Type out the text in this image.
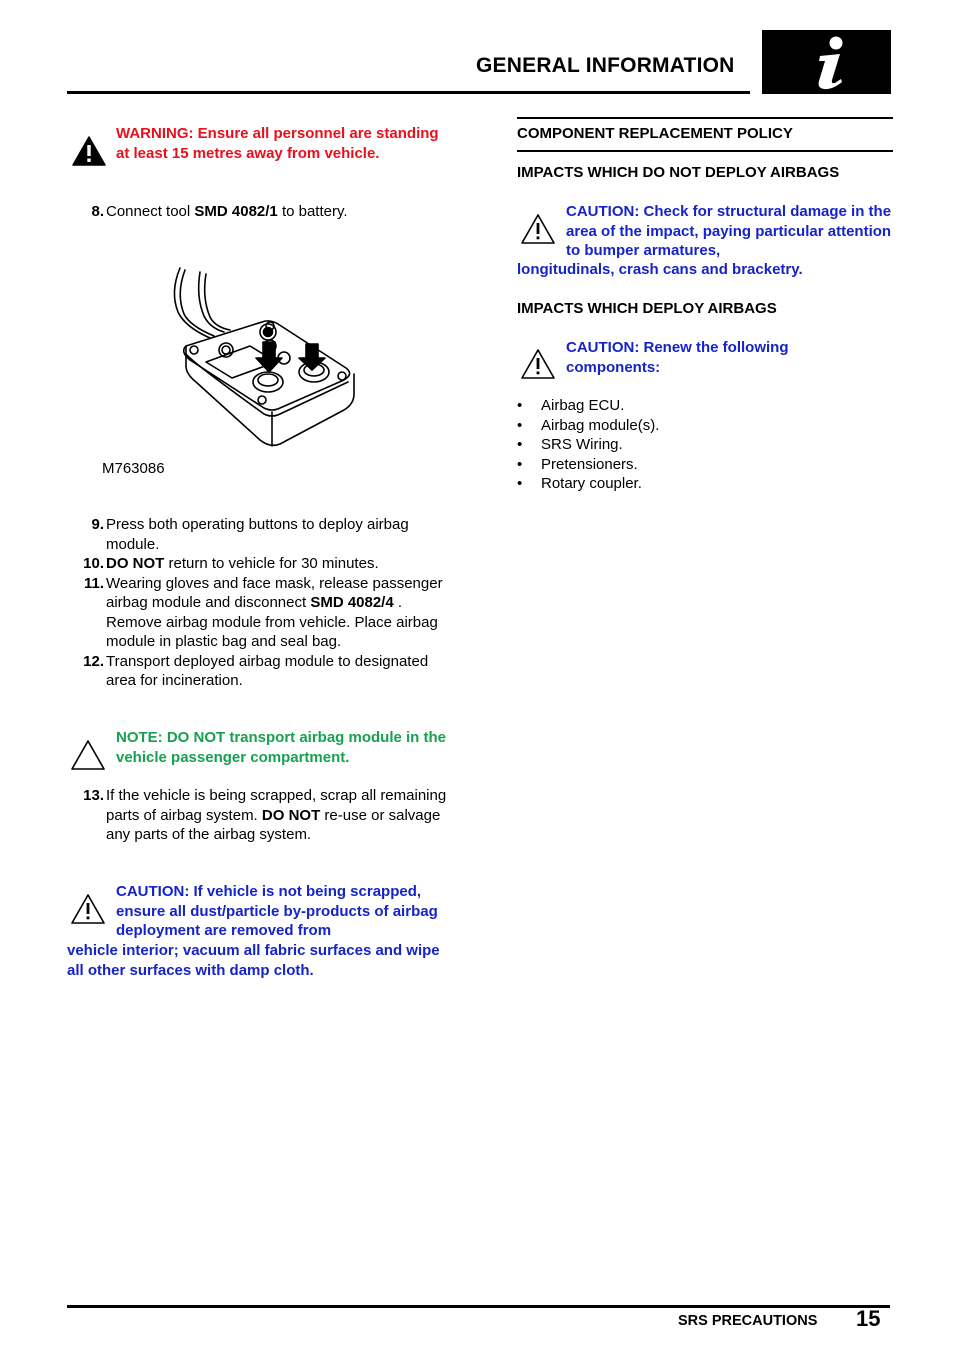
GENERAL INFORMATION
WARNING: Ensure all personnel are standing at least 15 metres away from vehicle.
8. Connect tool SMD 4082/1 to battery.
M763086
9. Press both operating buttons to deploy airbag module.
10. DO NOT return to vehicle for 30 minutes.
11. Wearing gloves and face mask, release passenger airbag module and disconnect SMD 4082/4 . Remove airbag module from vehicle. Place airbag module in plastic bag and seal bag.
12. Transport deployed airbag module to designated area for incineration.
NOTE: DO NOT transport airbag module in the vehicle passenger compartment.
13. If the vehicle is being scrapped, scrap all remaining parts of airbag system. DO NOT re-use or salvage any parts of the airbag system.
CAUTION: If vehicle is not being scrapped, ensure all dust/particle by-products of airbag deployment are removed from
vehicle interior; vacuum all fabric surfaces and wipe all other surfaces with damp cloth.
COMPONENT REPLACEMENT POLICY
IMPACTS WHICH DO NOT DEPLOY AIRBAGS
CAUTION: Check for structural damage in the area of the impact, paying particular attention to bumper armatures,
longitudinals, crash cans and bracketry.
IMPACTS WHICH DEPLOY AIRBAGS
CAUTION: Renew the following components:
•	Airbag ECU.
•	Airbag module(s).
•	SRS Wiring.
•	Pretensioners.
•	Rotary coupler.
SRS PRECAUTIONS 15
